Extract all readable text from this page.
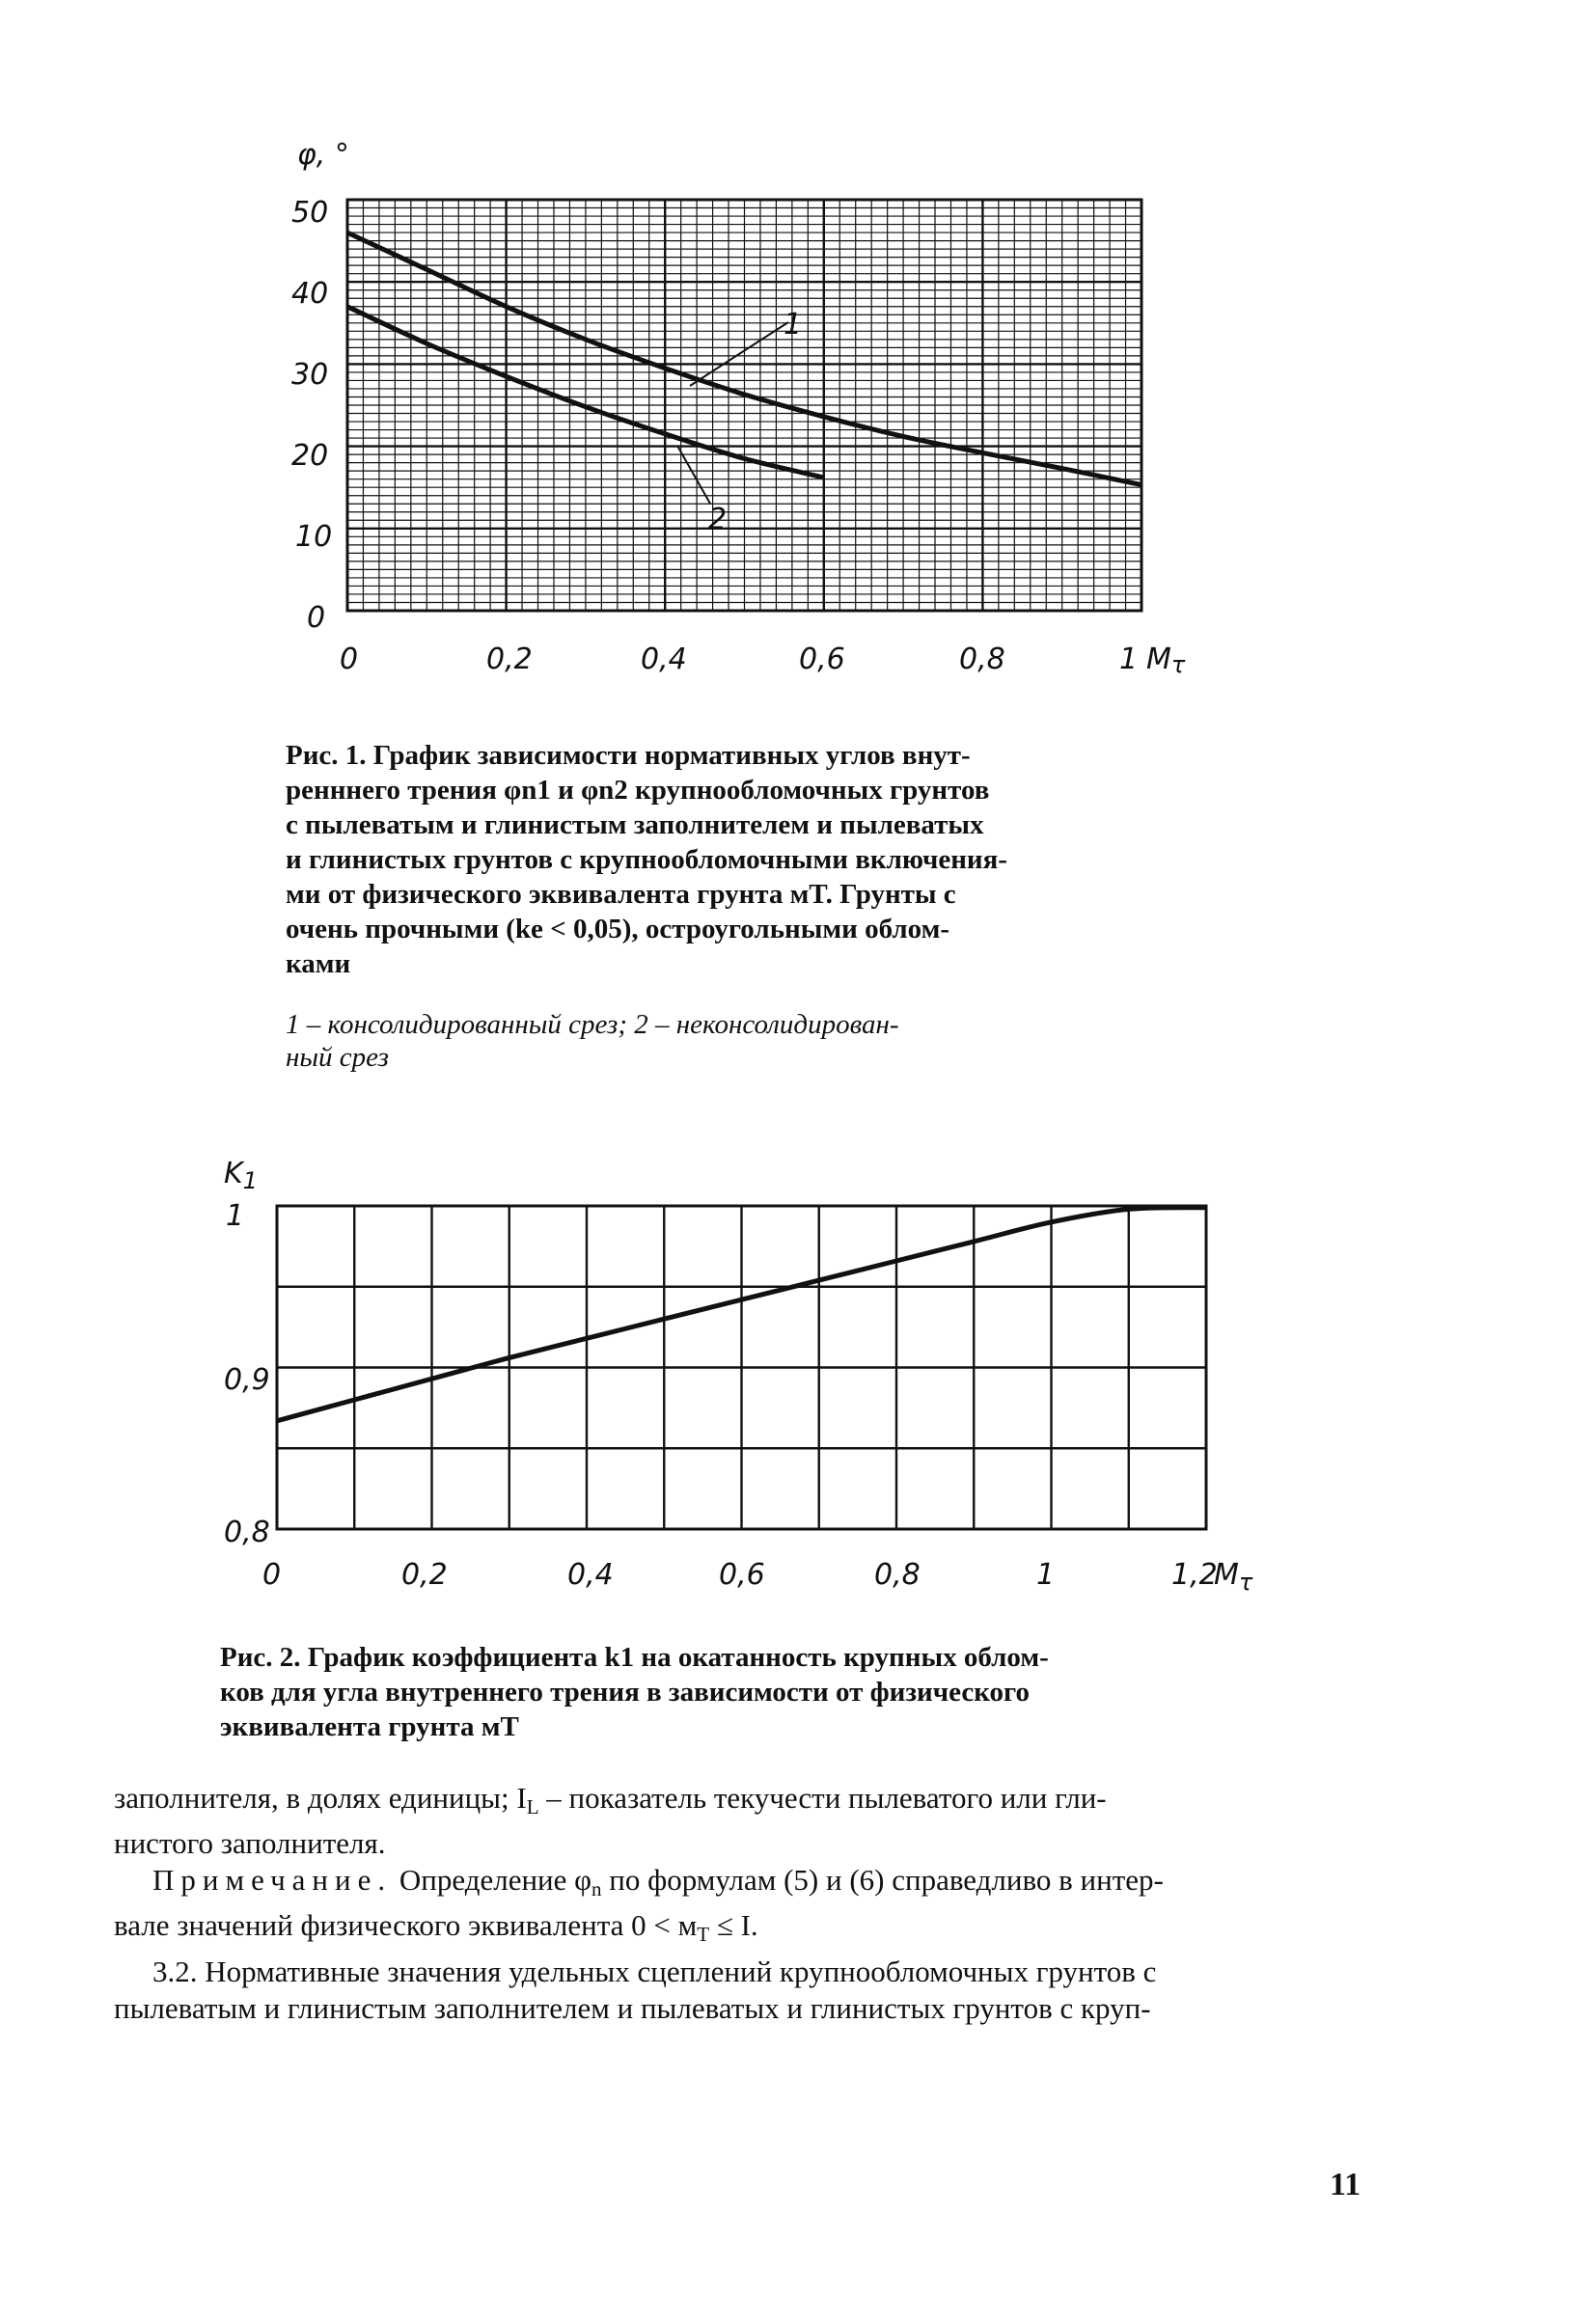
1
2
φ, °
50
40
30
20
10
0
0	0,2	0,4	0,6	0,8	1 Mτ
Рис. 1. График зависимости нормативных углов внут-
ренннего трения φn1 и φn2 крупнообломочных грунтов
с пылеватым и глинистым заполнителем и пылеватых
и глинистых грунтов с крупнообломочными включения-
ми от физического эквивалента грунта мT. Грунты с
очень прочными (ke < 0,05), остроугольными облом-
ками
1 – консолидированный срез; 2 – неконсолидирован-
ный срез
$K_1$
1
0,9
0,8
0	0,2	0,4	0,6	0,8	1	1,2
$M_\tau$
Рис. 2. График коэффициента k1 на окатанность крупных облом-
ков для угла внутреннего трения в зависимости от физического
эквивалента грунта мT
заполнителя, в долях единицы; $I_L$ – показатель текучести пылеватого или гли-
нистого заполнителя.
Примечание. Определение $\varphi_n$ по формулам (5) и (6) справедливо в интер-
вале значений физического эквивалента $0 < м_T \le I$.
3.2. Нормативные значения удельных сцеплений крупнообломочных грунтов с
пылеватым и глинистым заполнителем и пылеватых и глинистых грунтов с круп-
11
